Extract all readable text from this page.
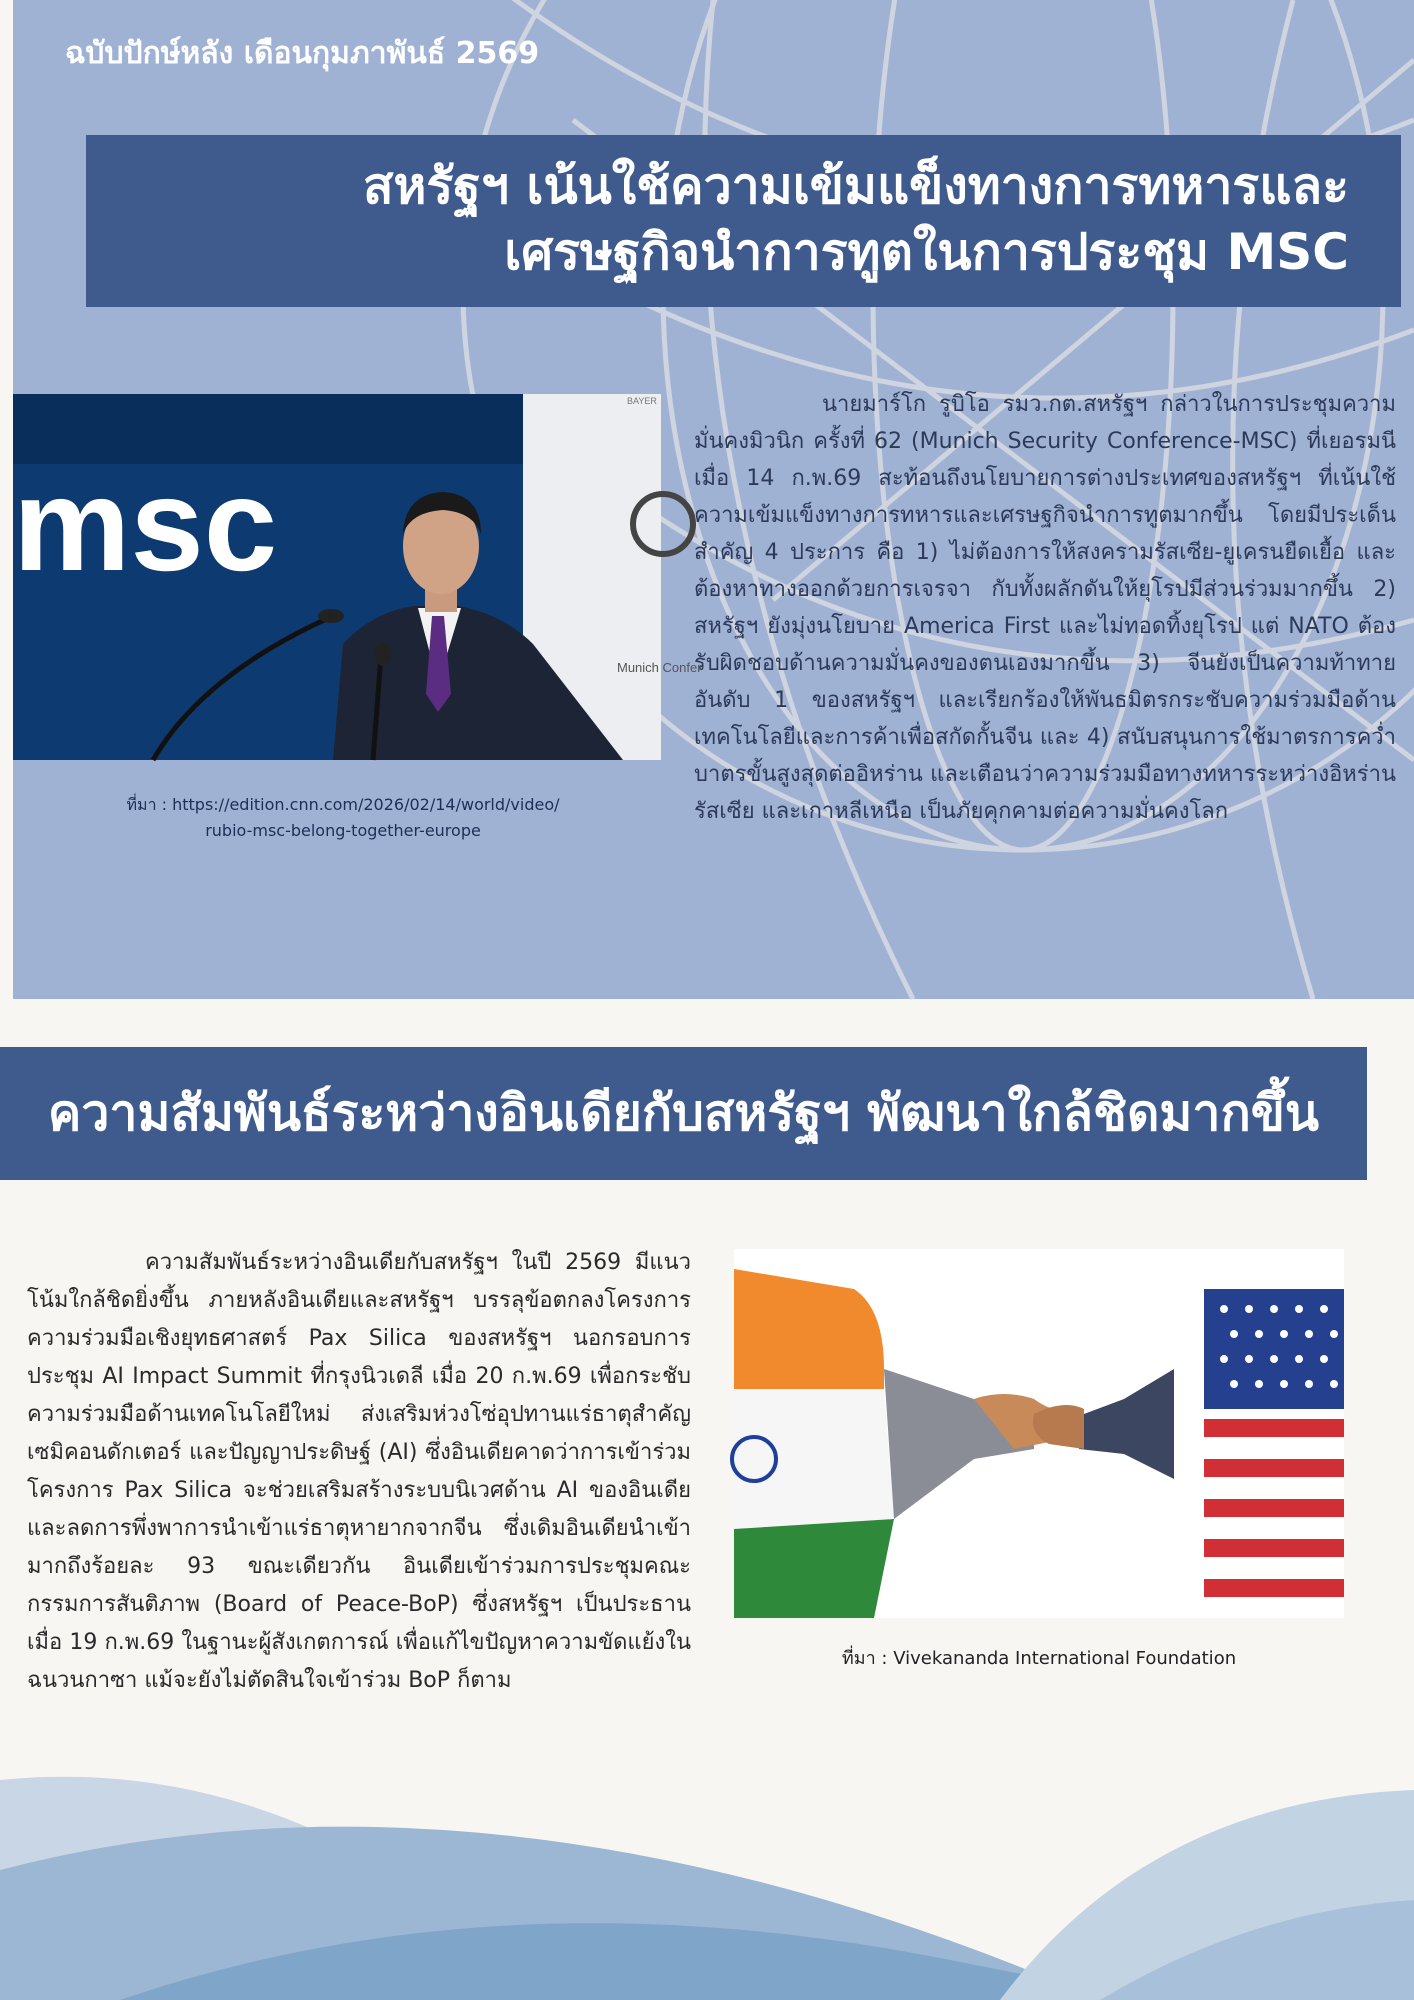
ฉบับปักษ์หลัง เดือนกุมภาพันธ์ 2569
BAYER
Munich Confer
msc
ที่มา : https://edition.cnn.com/2026/02/14/world/video/
rubio-msc-belong-together-europe
นายมาร์โก รูบิโอ รมว.กต.สหรัฐฯ กล่าวในการประชุมความมั่นคงมิวนิก ครั้งที่ 62 (Munich Security Conference-MSC) ที่เยอรมนีเมื่อ 14 ก.พ.69 สะท้อนถึงนโยบายการต่างประเทศของสหรัฐฯ ที่เน้นใช้ความเข้มแข็งทางการทหารและเศรษฐกิจนำการทูตมากขึ้น โดยมีประเด็นสำคัญ 4 ประการ คือ 1) ไม่ต้องการให้สงครามรัสเซีย-ยูเครนยืดเยื้อ และต้องหาทางออกด้วยการเจรจา กับทั้งผลักดันให้ยุโรปมีส่วนร่วมมากขึ้น 2) สหรัฐฯ ยังมุ่งนโยบาย America First และไม่ทอดทิ้งยุโรป แต่ NATO ต้องรับผิดชอบด้านความมั่นคงของตนเองมากขึ้น 3) จีนยังเป็นความท้าทายอันดับ 1 ของสหรัฐฯ และเรียกร้องให้พันธมิตรกระชับความร่วมมือด้านเทคโนโลยีและการค้าเพื่อสกัดกั้นจีน และ 4) สนับสนุนการใช้มาตรการคว่ำบาตรขั้นสูงสุดต่ออิหร่าน และเตือนว่าความร่วมมือทางทหารระหว่างอิหร่าน รัสเซีย และเกาหลีเหนือ เป็นภัยคุกคามต่อความมั่นคงโลก
สหรัฐฯ เน้นใช้ความเข้มแข็งทางการทหารและ
เศรษฐกิจนำการทูตในการประชุม MSC
ความสัมพันธ์ระหว่างอินเดียกับสหรัฐฯ พัฒนาใกล้ชิดมากขึ้น
ความสัมพันธ์ระหว่างอินเดียกับสหรัฐฯ ในปี 2569 มีแนวโน้มใกล้ชิดยิ่งขึ้น ภายหลังอินเดียและสหรัฐฯ บรรลุข้อตกลงโครงการความร่วมมือเชิงยุทธศาสตร์ Pax Silica ของสหรัฐฯ นอกรอบการประชุม AI Impact Summit ที่กรุงนิวเดลี เมื่อ 20 ก.พ.69 เพื่อกระชับความร่วมมือด้านเทคโนโลยีใหม่ ส่งเสริมห่วงโซ่อุปทานแร่ธาตุสำคัญ เซมิคอนดักเตอร์ และปัญญาประดิษฐ์ (AI) ซึ่งอินเดียคาดว่าการเข้าร่วมโครงการ Pax Silica จะช่วยเสริมสร้างระบบนิเวศด้าน AI ของอินเดีย และลดการพึ่งพาการนำเข้าแร่ธาตุหายากจากจีน ซึ่งเดิมอินเดียนำเข้ามากถึงร้อยละ 93 ขณะเดียวกัน อินเดียเข้าร่วมการประชุมคณะกรรมการสันติภาพ (Board of Peace-BoP) ซึ่งสหรัฐฯ เป็นประธาน เมื่อ 19 ก.พ.69 ในฐานะผู้สังเกตการณ์ เพื่อแก้ไขปัญหาความขัดแย้งในฉนวนกาซา แม้จะยังไม่ตัดสินใจเข้าร่วม BoP ก็ตาม
ที่มา : Vivekananda International Foundation
